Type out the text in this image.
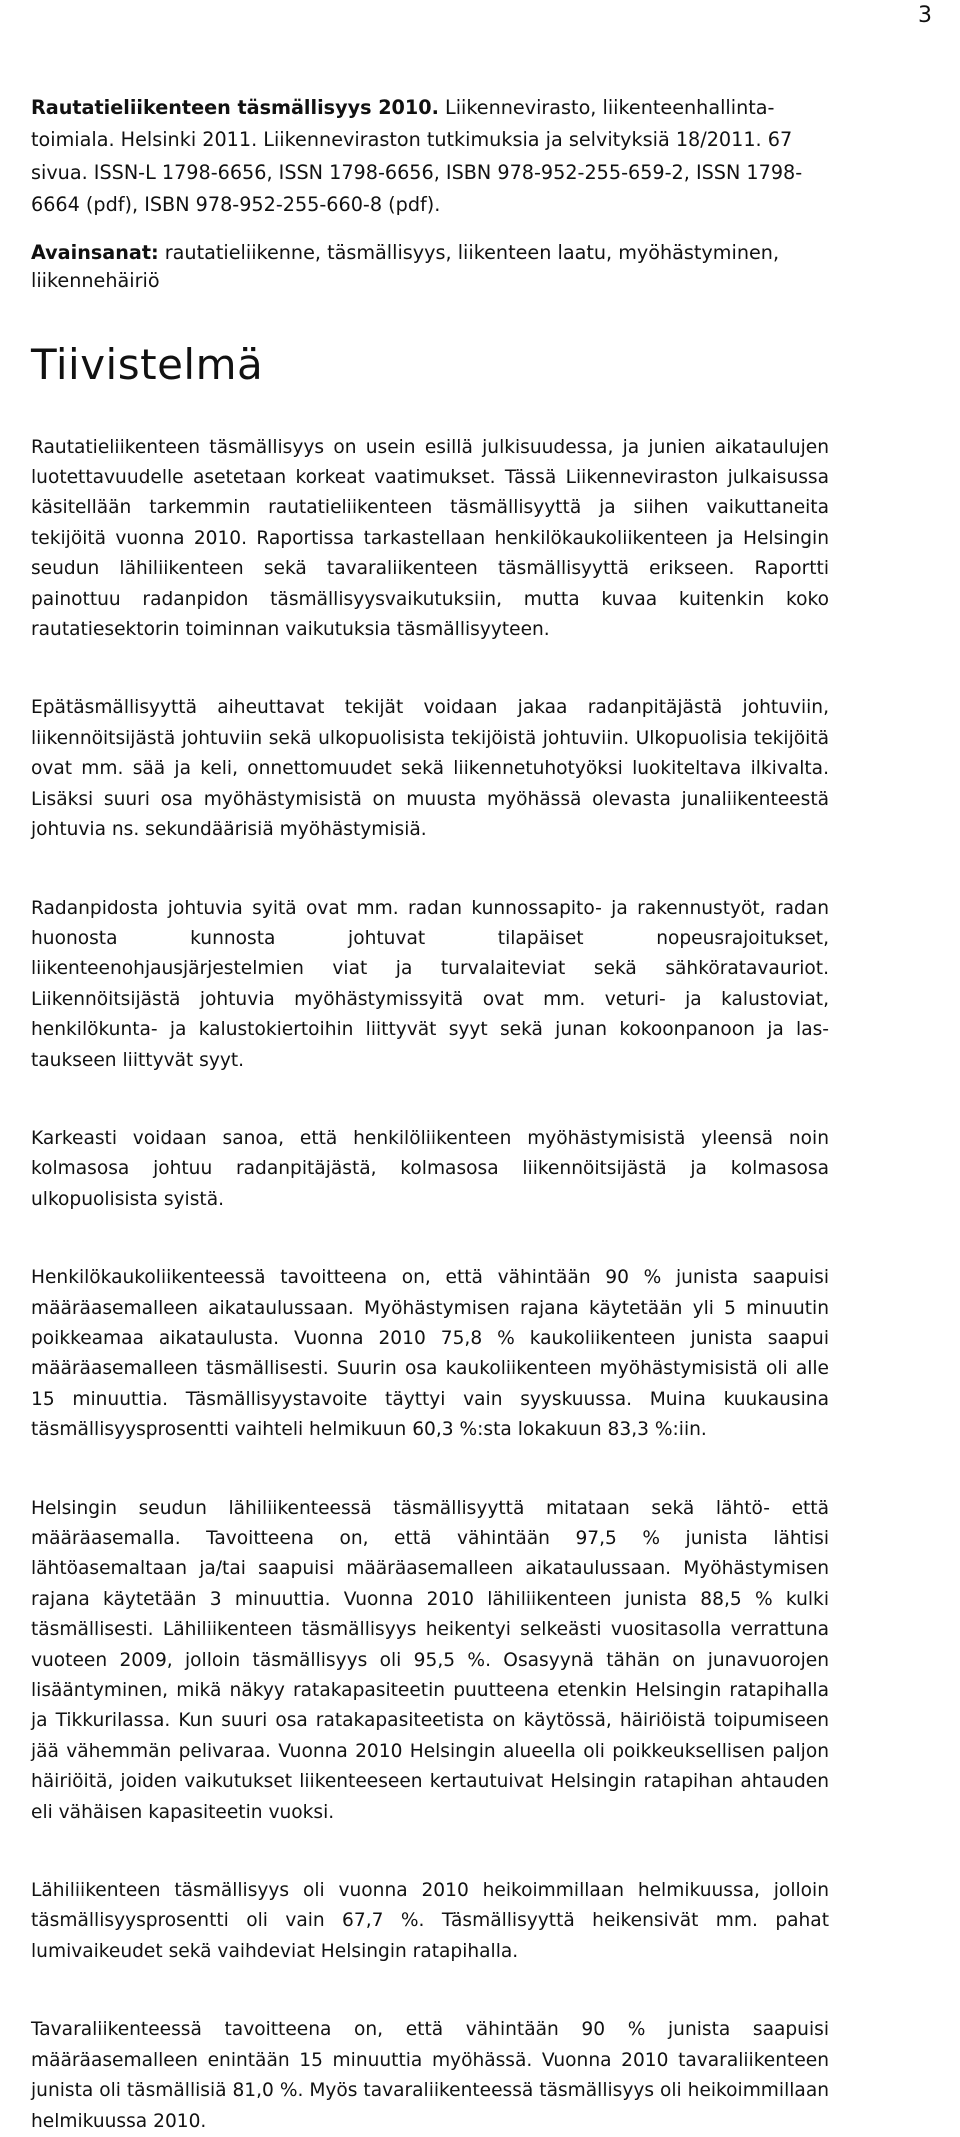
3

Rautatieliikenteen täsmällisyys 2010. Liikennevirasto, liikenteenhallinta-toimiala. Helsinki 2011. Liikenneviraston tutkimuksia ja selvityksiä 18/2011. 67 sivua. ISSN-L 1798-6656, ISSN 1798-6656, ISBN 978-952-255-659-2, ISSN 1798-6664 (pdf), ISBN 978-952-255-660-8 (pdf).

Avainsanat: rautatieliikenne, täsmällisyys, liikenteen laatu, myöhästyminen, liikennehäiriö

Tiivistelmä

Rautatieliikenteen täsmällisyys on usein esillä julkisuudessa, ja junien aikataulujen luotettavuudelle asetetaan korkeat vaatimukset. Tässä Liikenneviraston julkaisussa käsitellään tarkemmin rautatieliikenteen täsmällisyyttä ja siihen vaikuttaneita tekijöitä vuonna 2010. Raportissa tarkastellaan henkilökaukoliikenteen ja Helsingin seudun lähiliikenteen sekä tavaraliikenteen täsmällisyyttä erikseen. Raportti painottuu radanpidon täsmällisyysvaikutuksiin, mutta kuvaa kuitenkin koko rautatiesektorin toiminnan vaikutuksia täsmällisyyteen.

Epätäsmällisyyttä aiheuttavat tekijät voidaan jakaa radanpitäjästä johtuviin, liikennöitsijästä johtuviin sekä ulkopuolisista tekijöistä johtuviin. Ulkopuolisia tekijöitä ovat mm. sää ja keli, onnettomuudet sekä liikennetuhotyöksi luokiteltava ilkivalta. Lisäksi suuri osa myöhästymisistä on muusta myöhässä olevasta junaliikenteestä johtuvia ns. sekundäärisiä myöhästymisiä.

Radanpidosta johtuvia syitä ovat mm. radan kunnossapito- ja rakennustyöt, radan huonosta kunnosta johtuvat tilapäiset nopeusrajoitukset, liikenteenohjausjärjestelmien viat ja turvalaiteviat sekä sähköratavauriot. Liikennöitsijästä johtuvia myöhästymissyitä ovat mm. veturi- ja kalustoviat, henkilökunta- ja kalustokiertoihin liittyvät syyt sekä junan kokoonpanoon ja lastaukseen liittyvät syyt.

Karkeasti voidaan sanoa, että henkilöliikenteen myöhästymisistä yleensä noin kolmasosa johtuu radanpitäjästä, kolmasosa liikennöitsijästä ja kolmasosa ulkopuolisista syistä.

Henkilökaukoliikenteessä tavoitteena on, että vähintään 90 % junista saapuisi määräasemalleen aikataulussaan. Myöhästymisen rajana käytetään yli 5 minuutin poikkeamaa aikataulusta. Vuonna 2010 75,8 % kaukoliikenteen junista saapui määräasemalleen täsmällisesti. Suurin osa kaukoliikenteen myöhästymisistä oli alle 15 minuuttia. Täsmällisyystavoite täyttyi vain syyskuussa. Muina kuukausina täsmällisyysprosentti vaihteli helmikuun 60,3 %:sta lokakuun 83,3 %:iin.

Helsingin seudun lähiliikenteessä täsmällisyyttä mitataan sekä lähtö- että määräasemalla. Tavoitteena on, että vähintään 97,5 % junista lähtisi lähtöasemaltaan ja/tai saapuisi määräasemalleen aikataulussaan. Myöhästymisen rajana käytetään 3 minuuttia. Vuonna 2010 lähiliikenteen junista 88,5 % kulki täsmällisesti. Lähiliikenteen täsmällisyys heikentyi selkeästi vuositasolla verrattuna vuoteen 2009, jolloin täsmällisyys oli 95,5 %. Osasyynä tähän on junavuorojen lisääntyminen, mikä näkyy ratakapasiteetin puutteena etenkin Helsingin ratapihalla ja Tikkurilassa. Kun suuri osa ratakapasiteetista on käytössä, häiriöistä toipumiseen jää vähemmän pelivaraa. Vuonna 2010 Helsingin alueella oli poikkeuksellisen paljon häiriöitä, joiden vaikutukset liikenteeseen kertautuivat Helsingin ratapihan ahtauden eli vähäisen kapasiteetin vuoksi.

Lähiliikenteen täsmällisyys oli vuonna 2010 heikoimmillaan helmikuussa, jolloin täsmällisyysprosentti oli vain 67,7 %. Täsmällisyyttä heikensivät mm. pahat lumivaikeudet sekä vaihdeviat Helsingin ratapihalla.

Tavaraliikenteessä tavoitteena on, että vähintään 90 % junista saapuisi määräasemalleen enintään 15 minuuttia myöhässä. Vuonna 2010 tavaraliikenteen junista oli täsmällisiä 81,0 %. Myös tavaraliikenteessä täsmällisyys oli heikoimmillaan helmikuussa 2010.
